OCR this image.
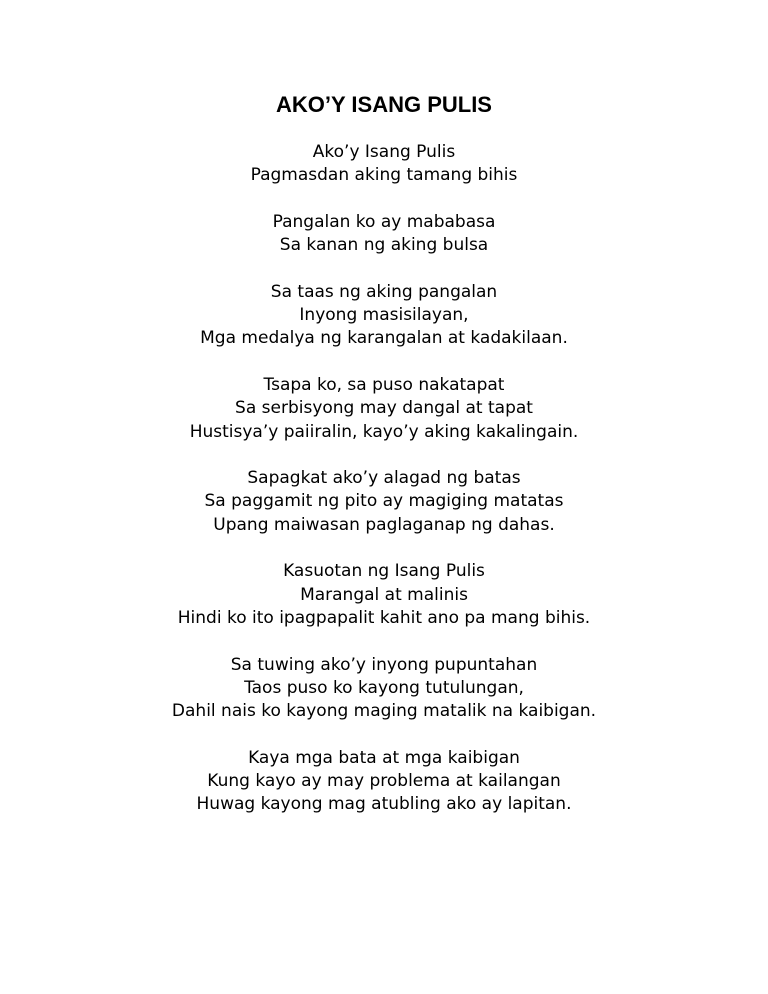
AKO’Y ISANG PULIS
Ako’y Isang Pulis
Pagmasdan aking tamang bihis
Pangalan ko ay mababasa
Sa kanan ng aking bulsa
Sa taas ng aking pangalan
Inyong masisilayan,
Mga medalya ng karangalan at kadakilaan.
Tsapa ko, sa puso nakatapat
Sa serbisyong may dangal at tapat
Hustisya’y paiiralin, kayo’y aking kakalingain.
Sapagkat ako’y alagad ng batas
Sa paggamit ng pito ay magiging matatas
Upang maiwasan paglaganap ng dahas.
Kasuotan ng Isang Pulis
Marangal at malinis
Hindi ko ito ipagpapalit kahit ano pa mang bihis.
Sa tuwing ako’y inyong pupuntahan
Taos puso ko kayong tutulungan,
Dahil nais ko kayong maging matalik na kaibigan.
Kaya mga bata at mga kaibigan
Kung kayo ay may problema at kailangan
Huwag kayong mag atubling ako ay lapitan.
